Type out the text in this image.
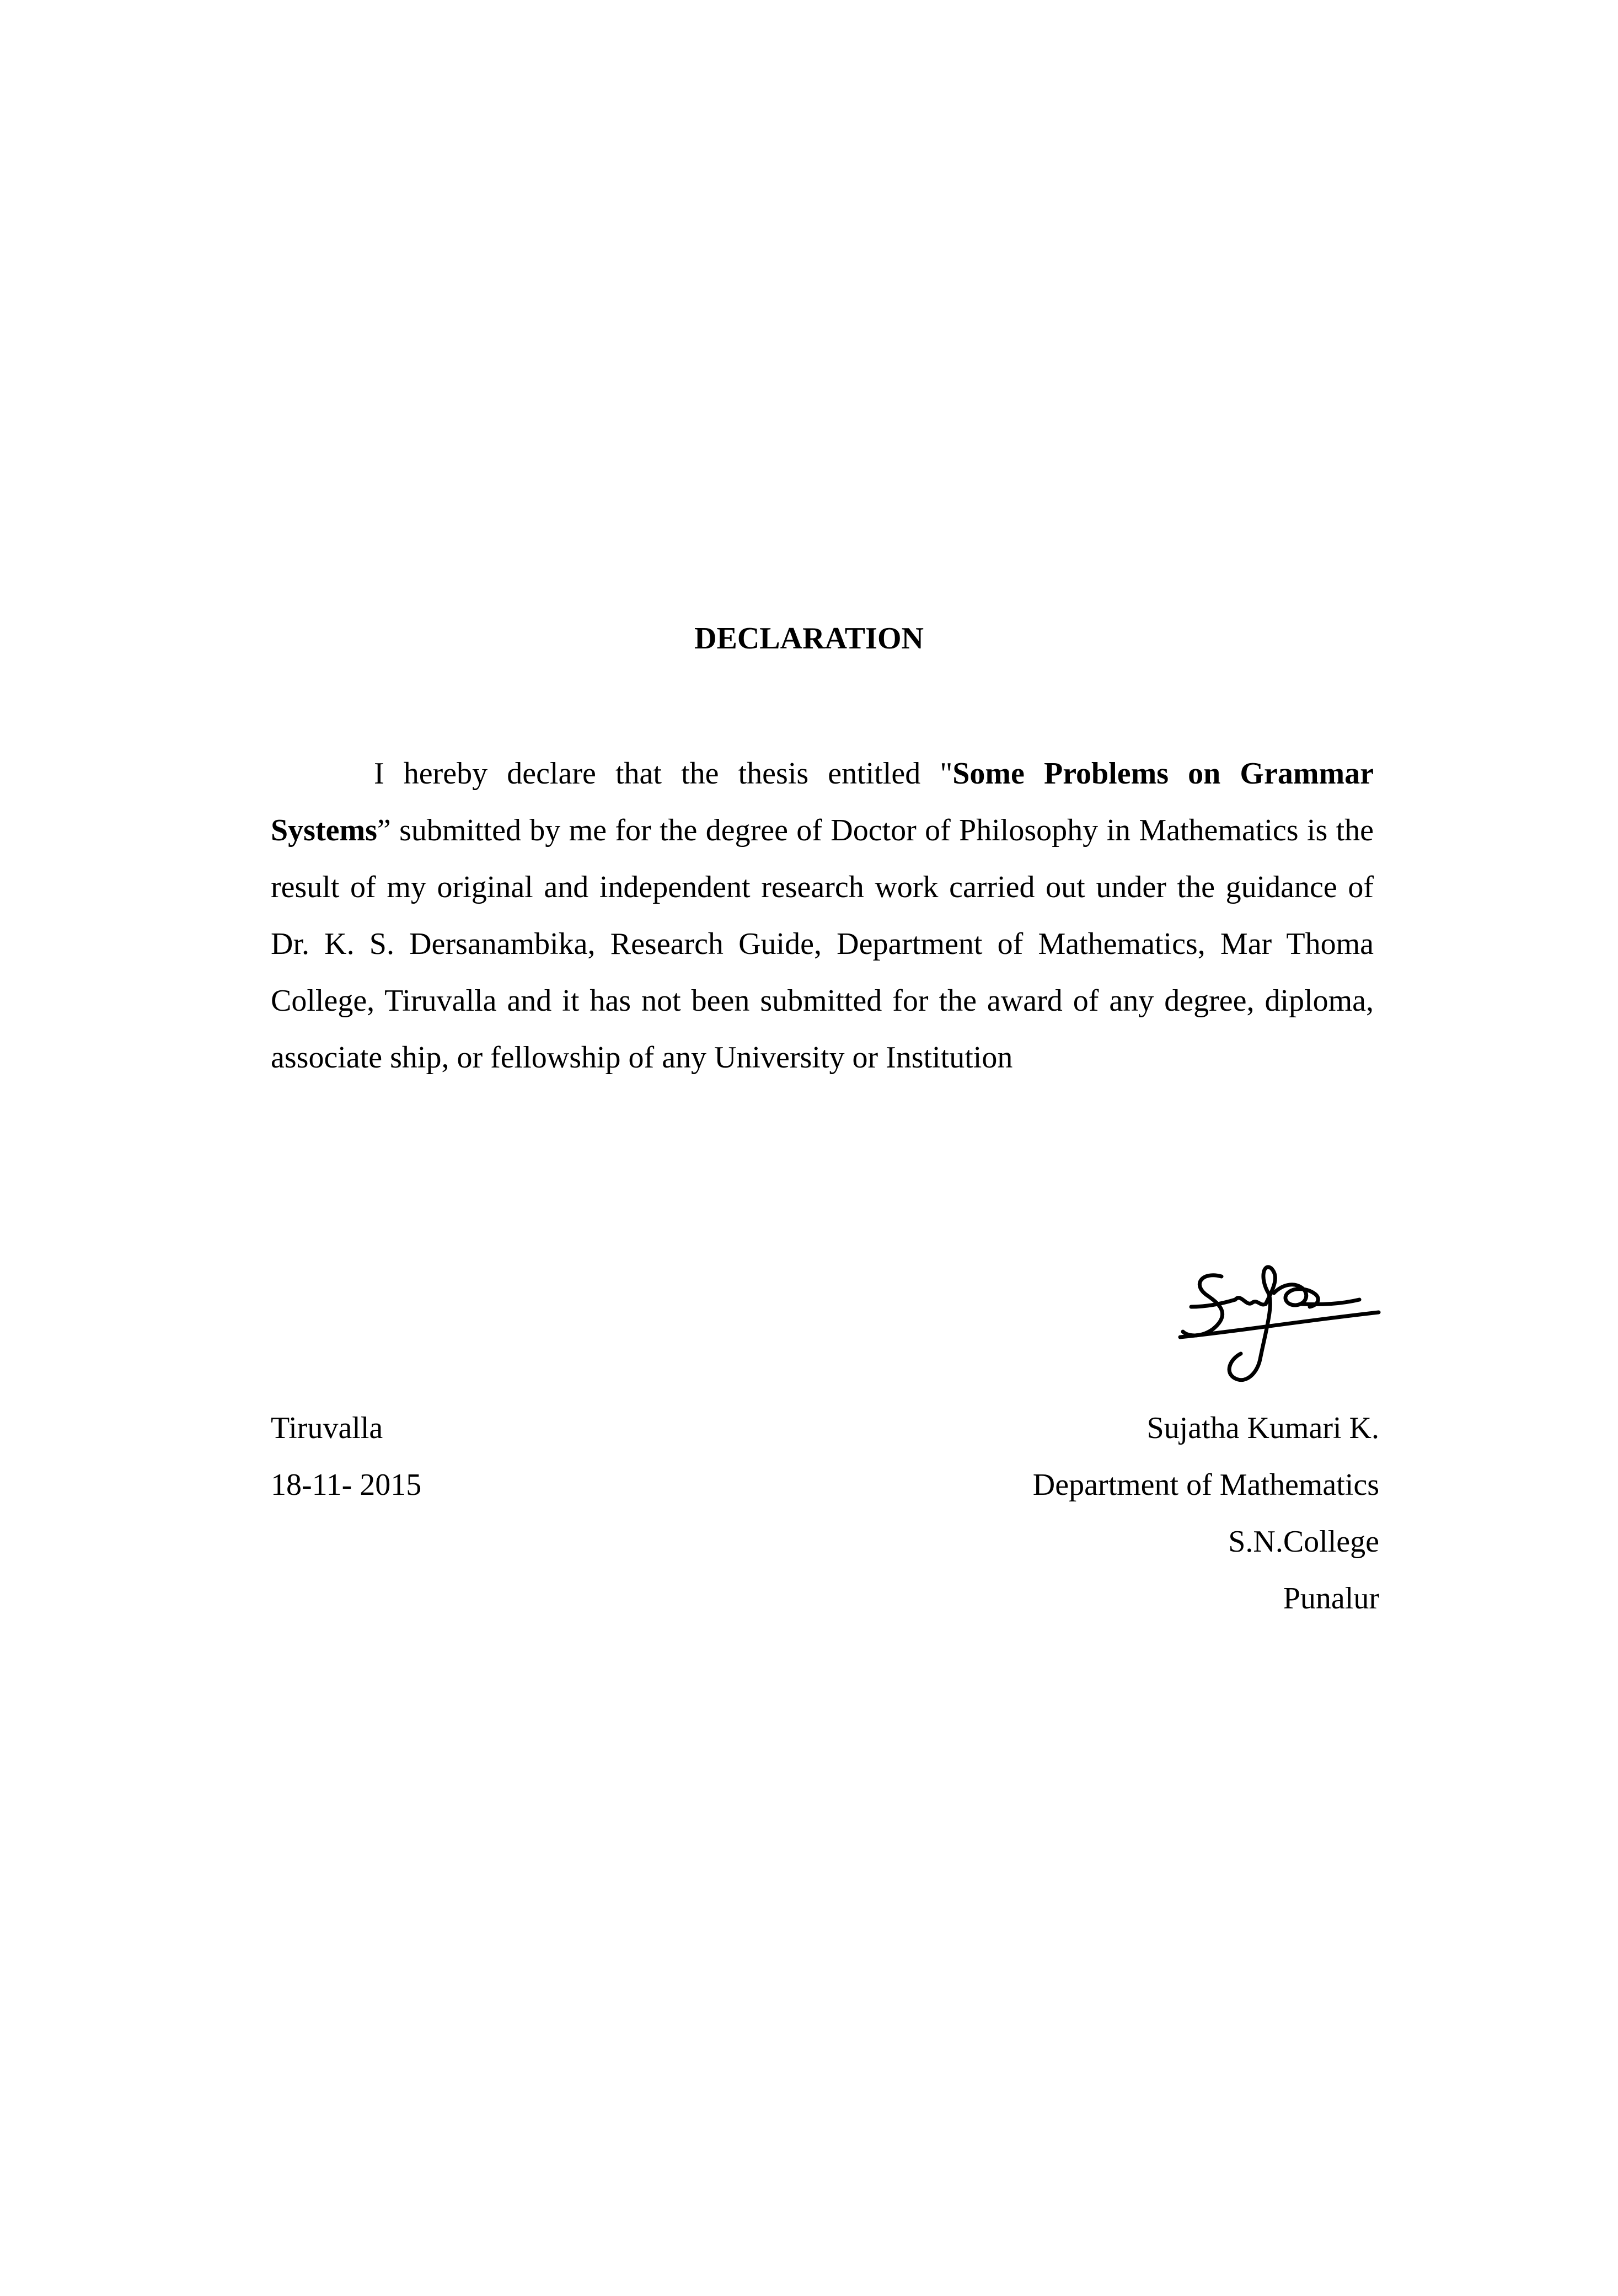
DECLARATION

I hereby declare that the thesis entitled "Some Problems on Grammar Systems” submitted by me for the degree of Doctor of Philosophy in Mathematics is the result of my original and independent research work carried out under the guidance of Dr. K. S. Dersanambika, Research Guide, Department of Mathematics, Mar Thoma College, Tiruvalla and it has not been submitted for the award of any degree, diploma, associate ship, or fellowship of any University or Institution

Tiruvalla

18-11- 2015

Sujatha Kumari K.

Department of Mathematics

S.N.College

Punalur
